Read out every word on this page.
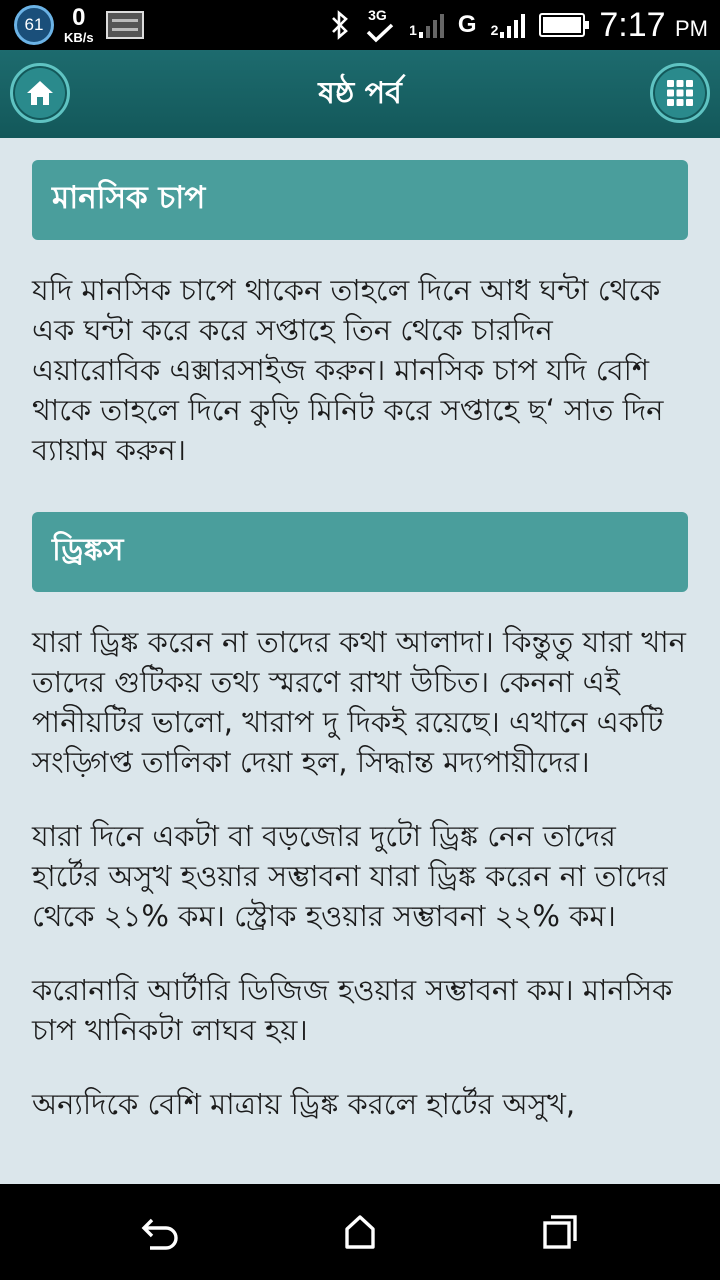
61	0
KB/s
3G
1 G 2	7:17 PM
ষষ্ঠ পর্ব
মানসিক চাপ

যদি মানসিক চাপে থাকেন তাহলে দিনে আধ ঘন্টা থেকে এক ঘন্টা করে করে সপ্তাহে তিন থেকে চারদিন এয়ারোবিক এক্সারসাইজ করুন। মানসিক চাপ যদি বেশি থাকে তাহলে দিনে কুড়ি মিনিট করে সপ্তাহে ছ‘ সাত দিন ব্যায়াম করুন।

ড্রিঙ্কস

যারা ড্রিঙ্ক করেন না তাদের কথা আলাদা। কিন্তুতু যারা খান তাদের গুটিকয় তথ্য স্মরণে রাখা উচিত। কেননা এই পানীয়টির ভালো, খারাপ দু দিকই রয়েছে। এখানে একটি সংড়্গিপ্ত তালিকা দেয়া হল, সিদ্ধান্ত মদ্যপায়ীদের।

যারা দিনে একটা বা বড়জোর দুটো ড্রিঙ্ক নেন তাদের হার্টের অসুখ হওয়ার সম্ভাবনা যারা ড্রিঙ্ক করেন না তাদের থেকে ২১% কম। স্ট্রোক হওয়ার সম্ভাবনা ২২% কম।

করোনারি আর্টারি ডিজিজ হওয়ার সম্ভাবনা কম। মানসিক চাপ খানিকটা লাঘব হয়।

অন্যদিকে বেশি মাত্রায় ড্রিঙ্ক করলে হার্টের অসুখ,
